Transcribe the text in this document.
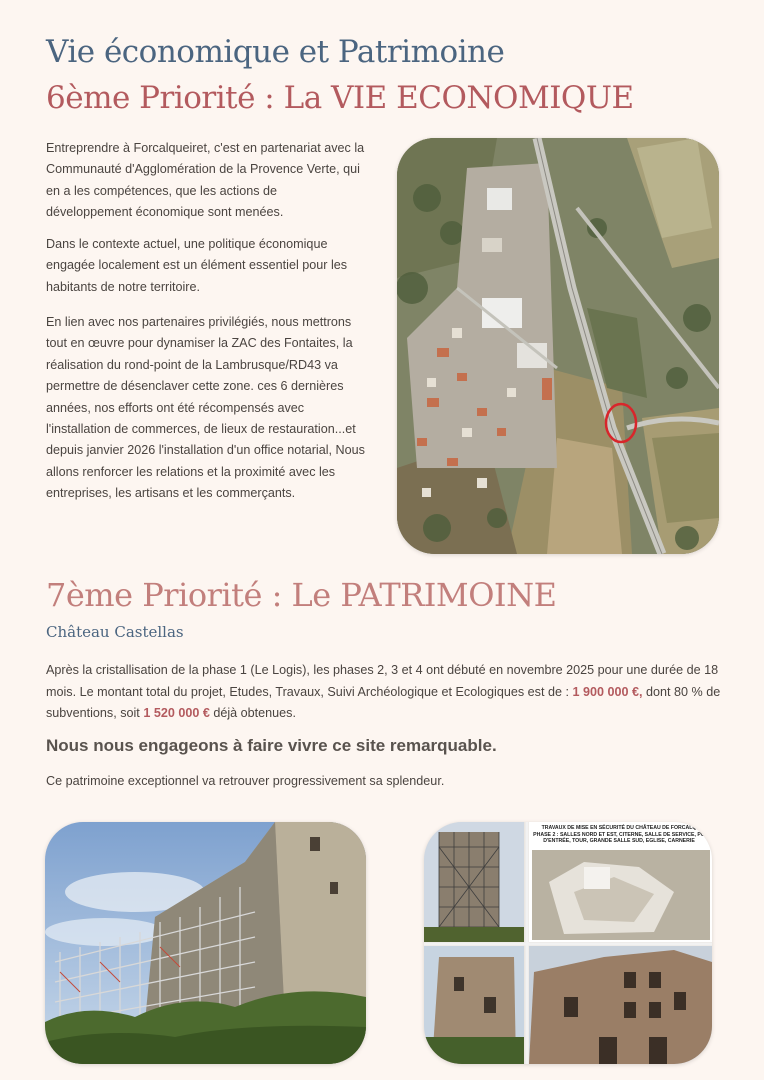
Vie économique et Patrimoine
6ème Priorité : La VIE ECONOMIQUE

Entreprendre à Forcalqueiret, c'est en partenariat avec la Communauté d'Agglomération de la Provence Verte, qui en a les compétences, que les actions de développement économique sont menées.

Dans le contexte actuel, une politique économique engagée localement est un élément essentiel pour les habitants de notre territoire.

En lien avec nos partenaires privilégiés, nous mettrons tout en œuvre pour dynamiser la ZAC des Fontaites, la réalisation du rond-point de la Lambrusque/RD43 va permettre de désenclaver cette zone. ces 6 dernières années, nos efforts ont été récompensés avec l'installation de commerces, de lieux de restauration...et depuis janvier 2026 l'installation d'un office notarial, Nous allons renforcer les relations et la proximité avec les entreprises, les artisans et les commerçants.

7ème Priorité : Le PATRIMOINE
Château Castellas

Après la cristallisation de la phase 1 (Le Logis), les phases 2, 3 et 4 ont débuté en novembre 2025 pour une durée de 18 mois. Le montant total du projet, Etudes, Travaux, Suivi Archéologique et Ecologiques est de : 1 900 000 €, dont 80 % de subventions, soit 1 520 000 € déjà obtenues.

Nous nous engageons à faire vivre ce site remarquable.

Ce patrimoine exceptionnel va retrouver progressivement sa splendeur.

TRAVAUX DE MISE EN SÉCURITÉ DU CHÂTEAU DE FORCALQ
PHASE 2 : SALLES NORD ET EST, CITERNE, SALLE DE SERVICE, PO
D'ENTRÉE, TOUR, GRANDE SALLE SUD, EGLISE, CARNERIE
